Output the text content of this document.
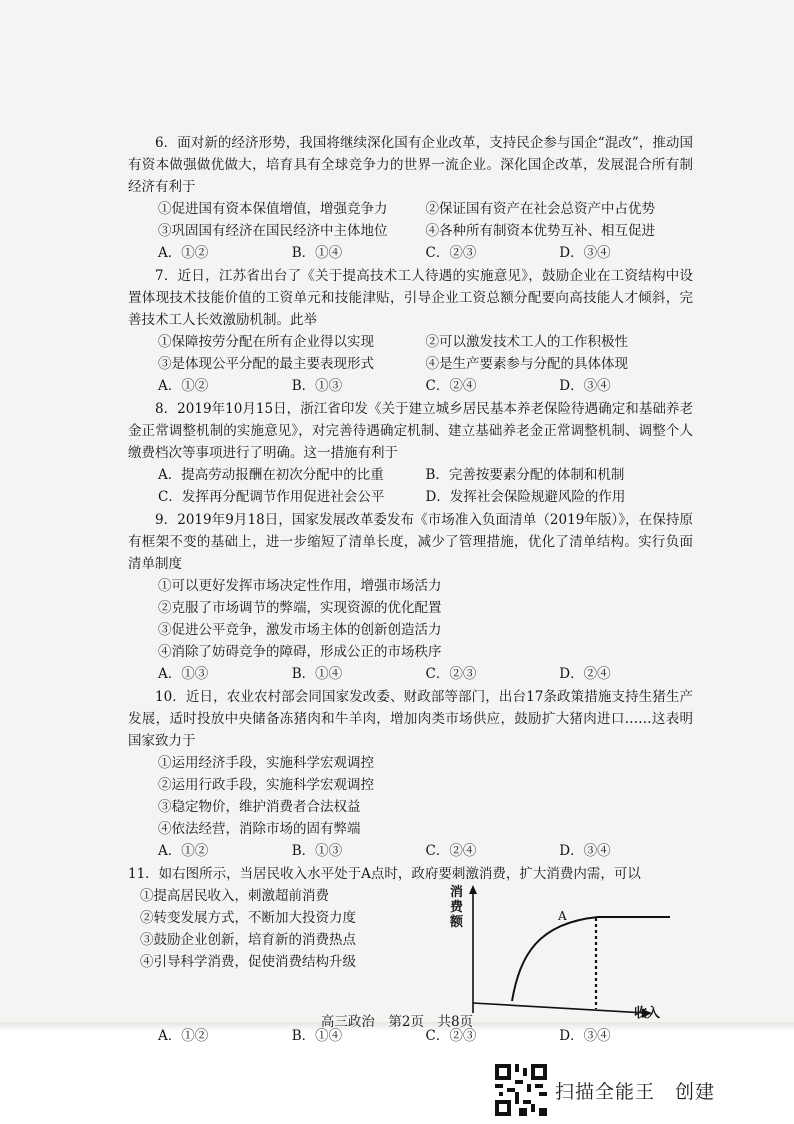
6．面对新的经济形势，我国将继续深化国有企业改革，支持民企参与国企“混改”，推动国有资本做强做优做大，培育具有全球竞争力的世界一流企业。深化国企改革，发展混合所有制经济有利于
①促进国有资本保值增值，增强竞争力	②保证国有资产在社会总资产中占优势
③巩固国有经济在国民经济中主体地位	④各种所有制资本优势互补、相互促进
A．①②	B．①④	C．②③	D．③④
7．近日，江苏省出台了《关于提高技术工人待遇的实施意见》，鼓励企业在工资结构中设置体现技术技能价值的工资单元和技能津贴，引导企业工资总额分配要向高技能人才倾斜，完善技术工人长效激励机制。此举
①保障按劳分配在所有企业得以实现	②可以激发技术工人的工作积极性
③是体现公平分配的最主要表现形式	④是生产要素参与分配的具体体现
A．①②	B．①③	C．②④	D．③④
8．2019年10月15日，浙江省印发《关于建立城乡居民基本养老保险待遇确定和基础养老金正常调整机制的实施意见》，对完善待遇确定机制、建立基础养老金正常调整机制、调整个人缴费档次等事项进行了明确。这一措施有利于
A．提高劳动报酬在初次分配中的比重	B．完善按要素分配的体制和机制
C．发挥再分配调节作用促进社会公平	D．发挥社会保险规避风险的作用
9．2019年9月18日，国家发展改革委发布《市场准入负面清单（2019年版）》，在保持原有框架不变的基础上，进一步缩短了清单长度，减少了管理措施，优化了清单结构。实行负面清单制度
①可以更好发挥市场决定性作用，增强市场活力
②克服了市场调节的弊端，实现资源的优化配置
③促进公平竞争，激发市场主体的创新创造活力
④消除了妨碍竞争的障碍，形成公正的市场秩序
A．①③	B．①④	C．②③	D．②④
10．近日，农业农村部会同国家发改委、财政部等部门，出台17条政策措施支持生猪生产发展，适时投放中央储备冻猪肉和牛羊肉，增加肉类市场供应，鼓励扩大猪肉进口……这表明国家致力于
①运用经济手段，实施科学宏观调控
②运用行政手段，实施科学宏观调控
③稳定物价，维护消费者合法权益
④依法经营，消除市场的固有弊端
A．①②	B．①③	C．②④	D．③④
11．如右图所示，当居民收入水平处于A点时，政府要刺激消费，扩大消费内需，可以
①提高居民收入，刺激超前消费
②转变发展方式，不断加大投资力度
③鼓励企业创新，培育新的消费热点
④引导科学消费，促使消费结构升级
消费额	A
收入
A．①②	B．①④	C．②③	D．③④
高三政治　第2页　共8页
扫描全能王　创建
